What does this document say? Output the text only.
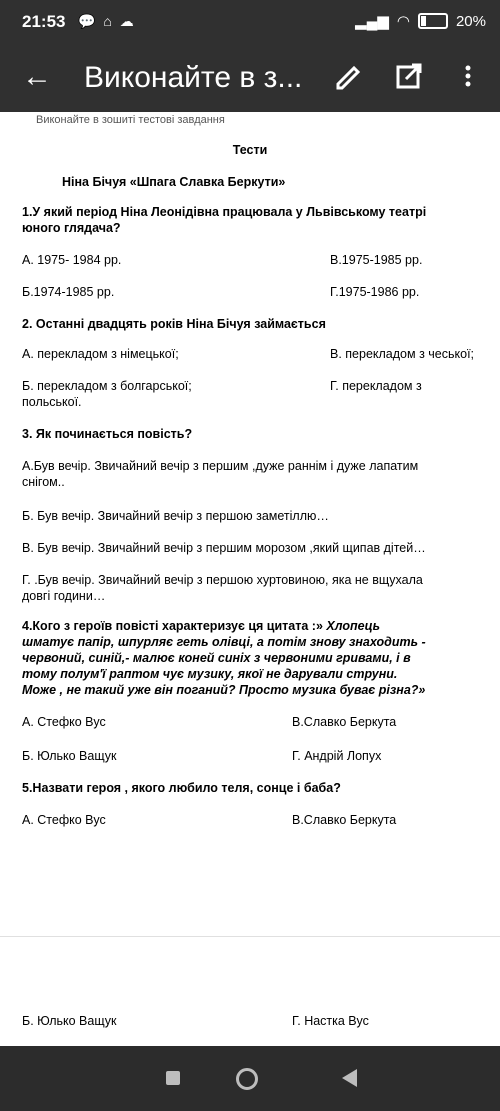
21:53 💬 ⌂ ☁	▂▄▆ ◠	20%
← Виконайте в з...
Виконайте в зошиті тестові завдання
Тести
Ніна Бічуя «Шпага Славка Беркути»
1.У який період Ніна Леонідівна працювала у Львівському театрі
юного глядача?
А. 1975- 1984 рр.	В.1975-1985 рр.
Б.1974-1985 рр.	Г.1975-1986 рр.
2. Останні двадцять років Ніна Бічуя займається
А. перекладом з німецької;	В. перекладом з чеської;
Б. перекладом з болгарської;	Г. перекладом з
польської.
3. Як починається повість?
А.Був вечір. Звичайний вечір з першим ,дуже раннім і дуже лапатим
снігом..
Б. Був вечір. Звичайний вечір з першою заметіллю…
В. Був вечір. Звичайний вечір з першим морозом ,який щипав дітей…
Г. .Був вечір. Звичайний вечір з першою хуртовиною, яка не вщухала
довгі години…
4.Кого з героїв повісті характеризує ця цитата :» Хлопець
шматує папір, шпурляє геть олівці, а потім знову знаходить -
червоний, синій,- малює коней синіх з червоними гривами, і в
тому полум'ї раптом чує музику, якої не дарували струни.
Може , не такий уже він поганий? Просто музика буває різна?»
А. Стефко Вус	В.Славко Беркута
Б. Юлько Ващук	Г. Андрій Лопух
5.Назвати героя , якого любило теля, сонце і баба?
А. Стефко Вус	В.Славко Беркута
Б. Юлько Ващук	Г. Настка Вус
